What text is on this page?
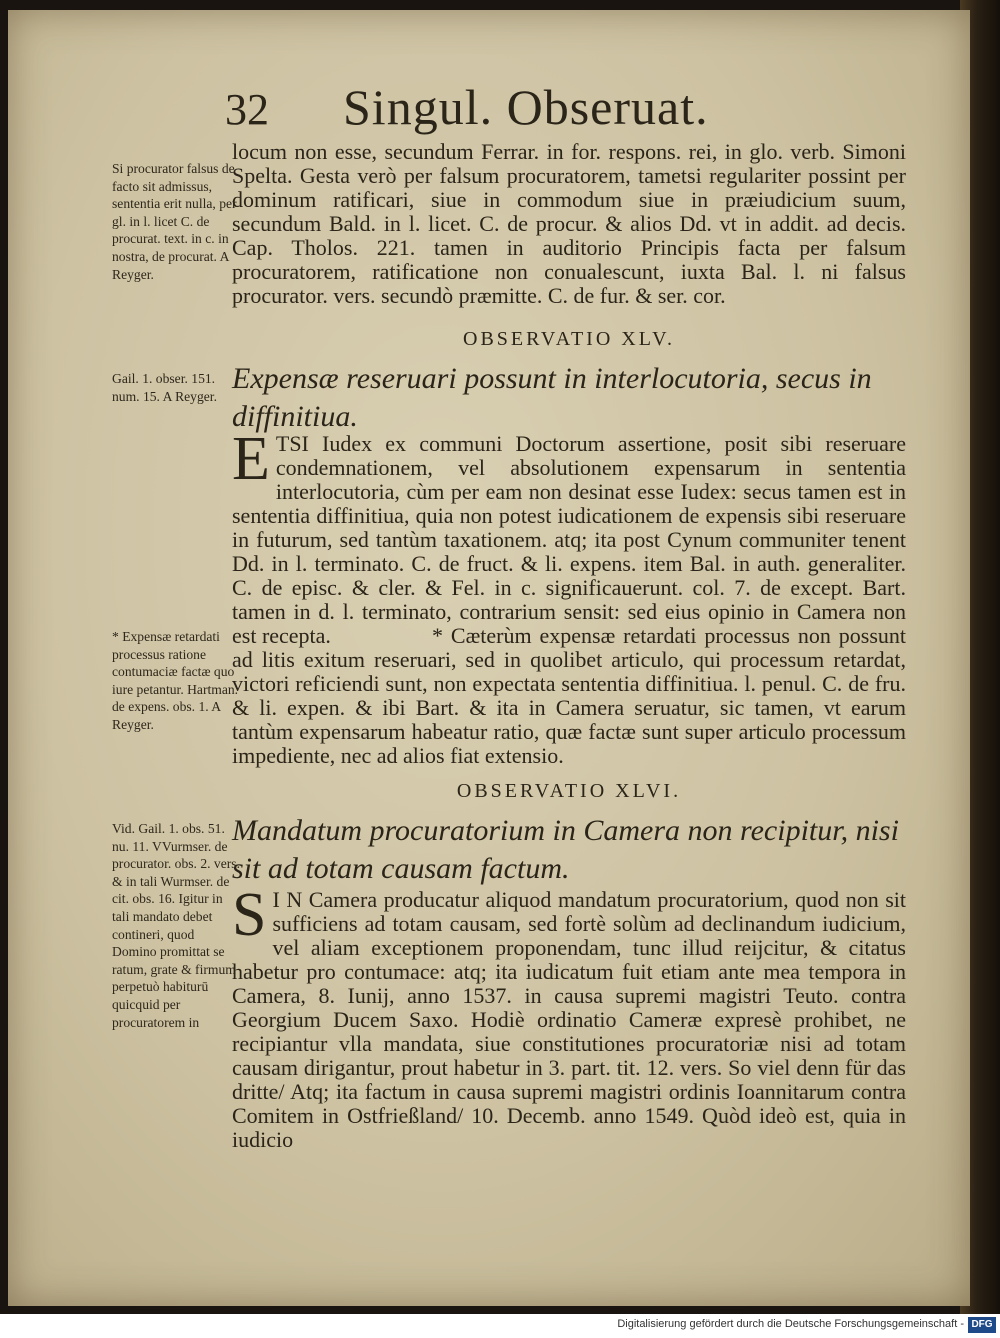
32 Singul. Obseruat.
Si procurator falsus de facto sit admissus, sententia erit nulla, per gl. in l. licet C. de procurat. text. in c. in nostra, de procurat. A Reyger.
locum non esse, secundum Ferrar. in for. respons. rei, in glo. verb. Simoni Spelta. Gesta verò per falsum procuratorem, tametsi regulariter possint per dominum ratificari, siue in commodum siue in præiudicium suum, secundum Bald. in l. licet. C. de procur. & alios Dd. vt in addit. ad decis. Cap. Tholos. 221. tamen in auditorio Principis facta per falsum procuratorem, ratificatione non conualescunt, iuxta Bal. l. ni falsus procurator. vers. secundò præmitte. C. de fur. & ser. cor.
OBSERVATIO XLV.
Expensæ reseruari possunt in interlocutoria, secus in diffinitiua.
Gail. 1. obser. 151. num. 15. A Reyger.
ETSI Iudex ex communi Doctorum assertione, posit sibi reseruare condemnationem, vel absolutionem expensarum in sententia interlocutoria, cùm per eam non desinat esse Iudex: secus tamen est in sententia diffinitiua, quia non potest iudicationem de expensis sibi reseruare in futurum, sed tantùm taxationem. atq; ita post Cynum communiter tenent Dd. in l. terminato. C. de fruct. & li. expens. item Bal. in auth. generaliter. C. de episc. & cler. & Fel. in c. significauerunt. col. 7. de except. Bart. tamen in d. l. terminato, contrarium sensit: sed eius opinio in Camera non est recepta.
* Expensæ retardati processus ratione contumaciæ factæ quo iure petantur. Hartman. de expens. obs. 1. A Reyger.
* Cæterùm expensæ retardati processus non possunt ad litis exitum reseruari, sed in quolibet articulo, qui processum retardat, victori reficiendi sunt, non expectata sententia diffinitiua. l. penul. C. de fru. & li. expen. & ibi Bart. & ita in Camera seruatur, sic tamen, vt earum tantùm expensarum habeatur ratio, quæ factæ sunt super articulo processum impediente, nec ad alios fiat extensio.
OBSERVATIO XLVI.
Mandatum procuratorium in Camera non recipitur, nisi sit ad totam causam factum.
Vid. Gail. 1. obs. 51. nu. 11. VVurmser. de procurator. obs. 2. vers. & in tali Wurmser. de cit. obs. 16. Igitur in tali mandato debet contineri, quod Domino promittat se ratum, grate & firmum perpetuò habiturū quicquid per procuratorem in
S I N Camera producatur aliquod mandatum procuratorium, quod non sit sufficiens ad totam causam, sed fortè solùm ad declinandum iudicium, vel aliam exceptionem proponendam, tunc illud reijcitur, & citatus habetur pro contumace: atq; ita iudicatum fuit etiam ante mea tempora in Camera, 8. Iunij, anno 1537. in causa supremi magistri Teuto. contra Georgium Ducem Saxo. Hodiè ordinatio Cameræ expresè prohibet, ne recipiantur vlla mandata, siue constitutiones procuratoriæ nisi ad totam causam dirigantur, prout habetur in 3. part. tit. 12. vers. So viel denn für das dritte/ Atq; ita factum in causa supremi magistri ordinis Ioannitarum contra Comitem in Ostfrießland/ 10. Decemb. anno 1549. Quòd ideò est, quia in iudicio
Digitalisierung gefördert durch die Deutsche Forschungsgemeinschaft - DFG
